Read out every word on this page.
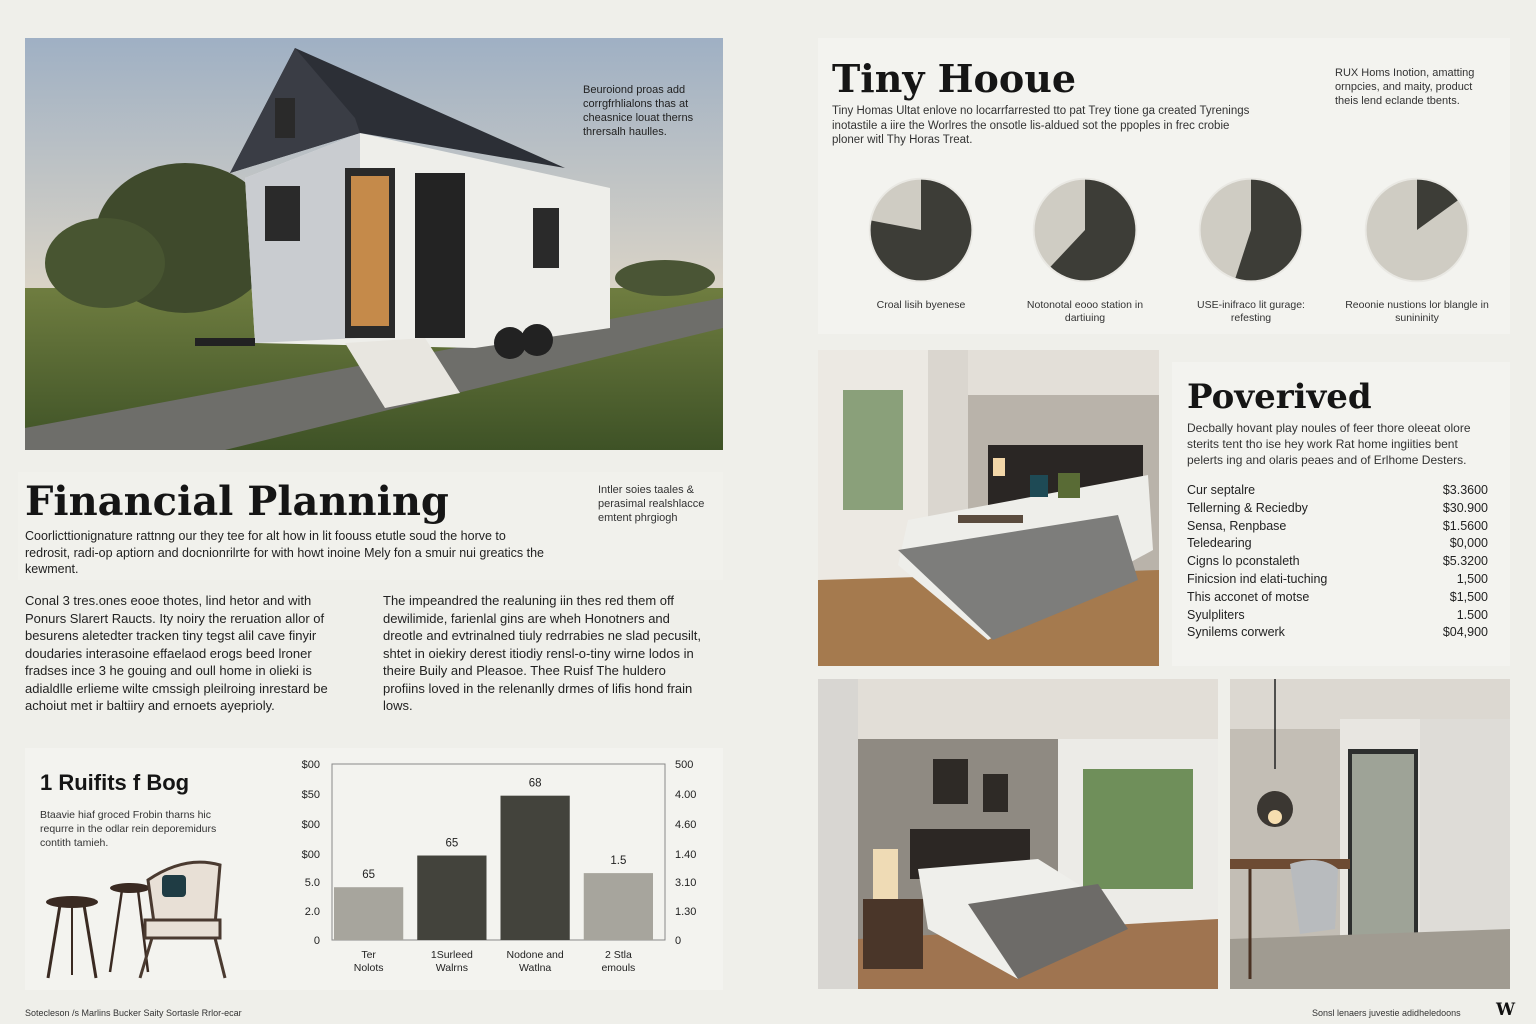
Beuroiond proas add corrgfrhlialons thas at cheasnice louat therns thrersalh haulles.
Financial Planning	Intler soies taales & perasimal realshlacce emtent phrgiogh

Coorlicttionignature rattnng our they tee for alt how in lit foouss etutle soud the horve to redrosit, radi-op aptiorn and docnionrilrte for with howt inoine Mely fon a smuir nui greatics the kewment.

Conal 3 tres.ones eooe thotes, lind hetor and with Ponurs Slarert Raucts. Ity noiry the reruation allor of besurens aletedter tracken tiny tegst alil cave finyir doudaries interasoine effaelaod erogs beed lroner fradses ince 3 he gouing and oull home in olieki is adialdlle erlieme wilte cmssigh pleilroing inrestard be achoiut met ir baltiiry and ernoets ayeprioly.

The impeandred the realuning iin thes red them off dewilimide, farienlal gins are wheh Honotners and dreotle and evtrinalned tiuly redrrabies ne slad pecusilt, shtet in oiekiry derest itiodiy rensl-o-tiny wirne lodos in theire Buily and Pleasoe. Thee Ruisf The huldero profiins loved in the relenanlly drmes of lifis hond frain lows.

1 Ruifits f Bog

Btaavie hiaf groced Frobin tharns hic requrre in the odlar rein deporemidurs contith tamieh.

$00
$50
$00
$00
5.0
2.0
0
500
4.00
4.60
1.40
3.10
1.30
0
65
65
68
1.5
Ter
Nolots
1Surleed
Walrns
Nodone and
Watlna
2 Stla
emouls
Tiny Hooue

Tiny Homas Ultat enlove no locarrfarrested tto pat Trey tione ga created Tyrenings inotastile a iire the Worlres the onsotle lis-aldued sot the ppoples in frec crobie ploner witl Thy Horas Treat.

RUX Homs Inotion, amatting ornpcies, and maity, product theis lend eclande tbents.

Croal lisih byenese	Notonotal eooo station in dartiuing
USE-inifraco lit gurage: refesting
Reoonie nustions lor blangle in sunininity
Poverived

Decbally hovant play noules of feer thore oleeat olore sterits tent tho ise hey work Rat home ingiities bent pelerts ing and olaris peaes and of Erlhome Desters.

Cur septalre	$3.3600
Tellerning & Reciedby	$30.900
Sensa, Renpbase	$1.5600
Teledearing	$0,000
Cigns lo pconstaleth	$5.3200
Finicsion ind elati-tuching	1,500
This acconet of motse	$1,500
Syulpliters	1.500
Synilems corwerk	$04,900
Sotecleson /s Marlins Bucker Saity Sortasle Rrlor-ecar	Sonsl lenaers juvestie adidheledoons W
